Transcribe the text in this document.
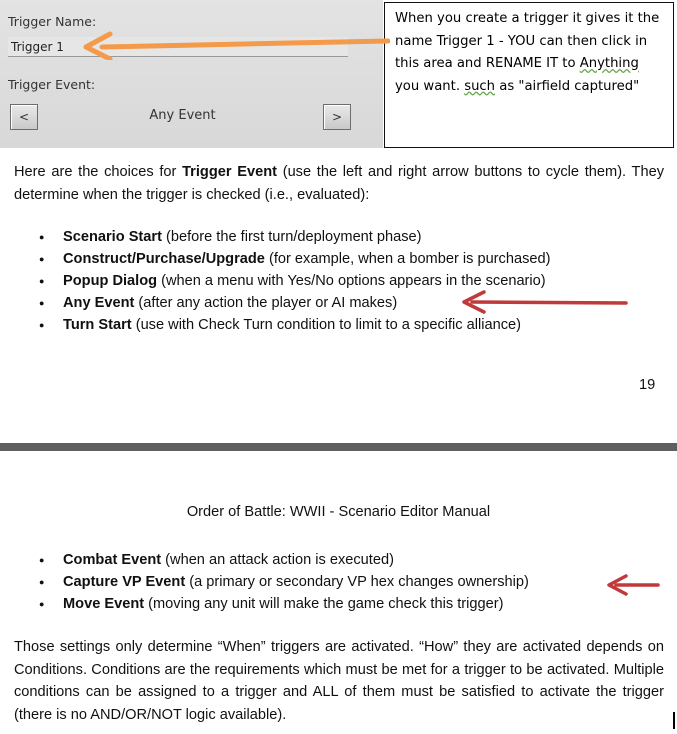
Trigger Name:
Trigger 1
Trigger Event:
<	Any Event	>
When you create a trigger it gives it the
name Trigger 1 - YOU can then click in
this area and RENAME IT to Anything
you want. such as "airfield captured"
Here are the choices for Trigger Event (use the left and right arrow buttons to cycle them). They determine when the trigger is checked (i.e., evaluated):
● Scenario Start (before the first turn/deployment phase)
● Construct/Purchase/Upgrade (for example, when a bomber is purchased)
● Popup Dialog (when a menu with Yes/No options appears in the scenario)
● Any Event (after any action the player or AI makes)
● Turn Start (use with Check Turn condition to limit to a specific alliance)
19
Order of Battle: WWII - Scenario Editor Manual
● Combat Event (when an attack action is executed)
● Capture VP Event (a primary or secondary VP hex changes ownership)
● Move Event (moving any unit will make the game check this trigger)
Those settings only determine “When” triggers are activated. “How” they are activated depends on Conditions. Conditions are the requirements which must be met for a trigger to be activated. Multiple conditions can be assigned to a trigger and ALL of them must be satisfied to activate the trigger (there is no AND/OR/NOT logic available).
